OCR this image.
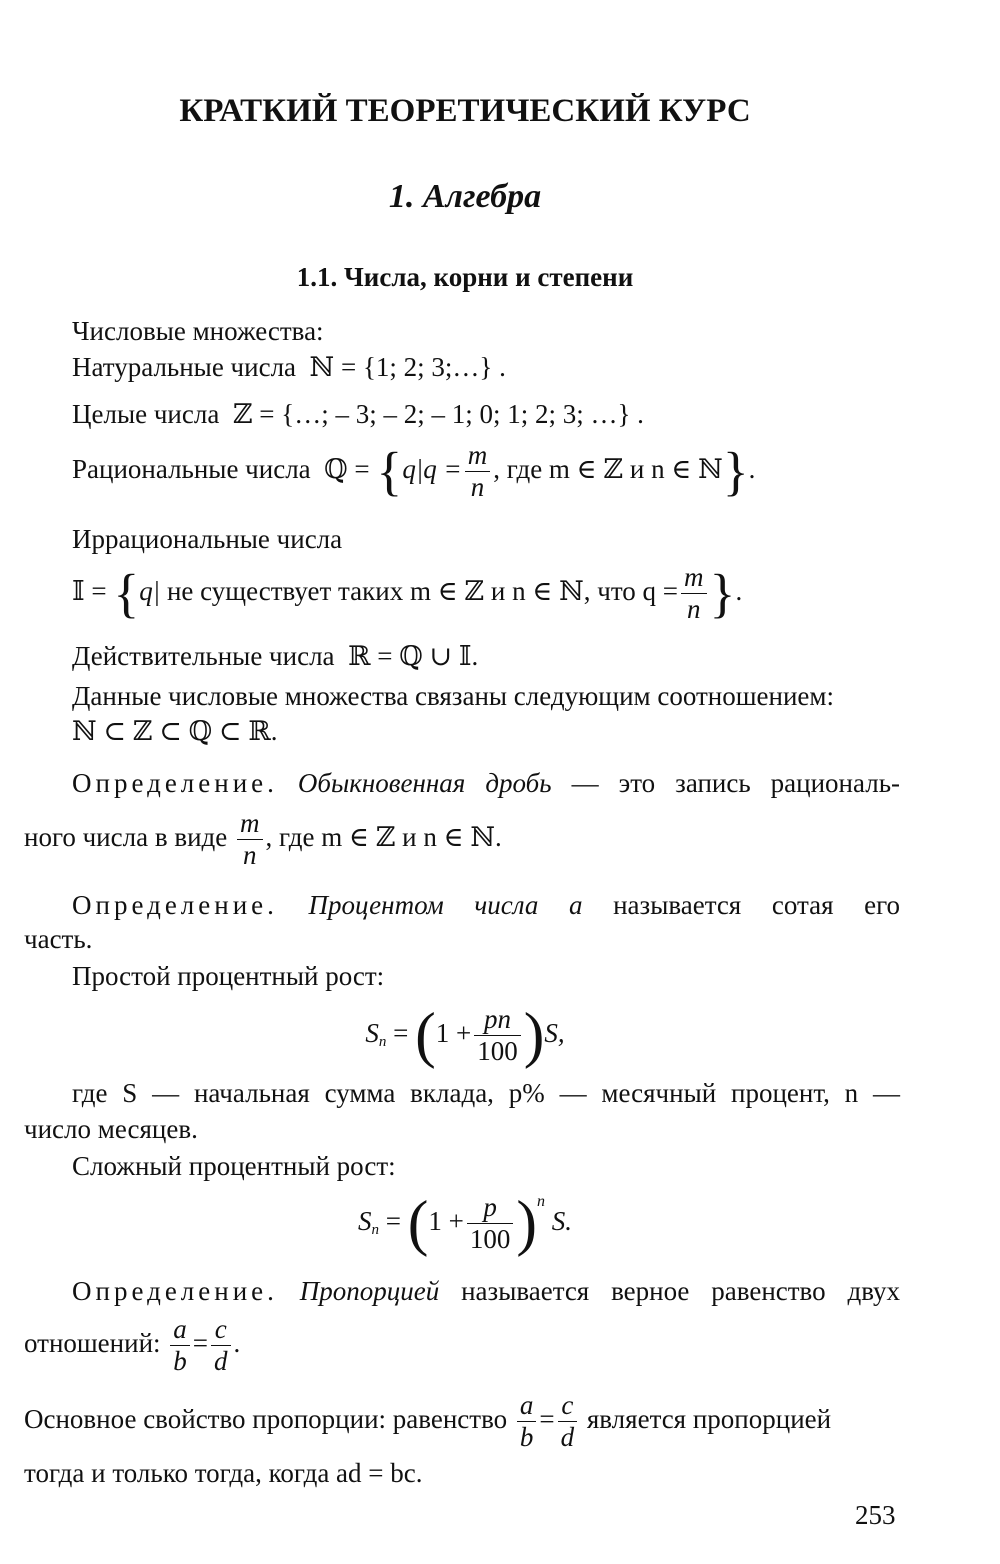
КРАТКИЙ ТЕОРЕТИЧЕСКИЙ КУРС
1. Алгебра
1.1. Числа, корни и степени
Числовые множества:
Натуральные числа ℕ = {1; 2; 3;…} .
Целые числа ℤ = {…; – 3; – 2; – 1; 0; 1; 2; 3; …} .
Рациональные числа ℚ = {$q|q = \frac{m}{n}$ , где m ∈ ℤ и n ∈ ℕ}.
Иррациональные числа
𝕀 = {q| не существует таких m ∈ ℤ и n ∈ ℕ, что $q = \frac{m}{n}$ }.
Действительные числа ℝ = ℚ ∪ 𝕀.
Данные числовые множества связаны следующим соотношением:
ℕ ⊂ ℤ ⊂ ℚ ⊂ ℝ.
Определение. Обыкновенная дробь — это запись рациональ-
ного числа в виде $\frac{m}{n}$ , где m ∈ ℤ и n ∈ ℕ.
Определение. Процентом числа a называется сотая его
часть.
Простой процентный рост:
$S_n = (1 + \frac{pn}{100} )S$,
где S — начальная сумма вклада, p% — месячный процент, n —
число месяцев.
Сложный процентный рост:
$S_n = (1 + \frac{p}{100} )^n$ S.
Определение. Пропорцией называется верное равенство двух
отношений: $\frac{a}{b} = \frac{c}{d}$ .
Основное свойство пропорции: равенство $\frac{a}{b} = \frac{c}{d}$ является пропорцией
тогда и только тогда, когда ad = bc.
253
